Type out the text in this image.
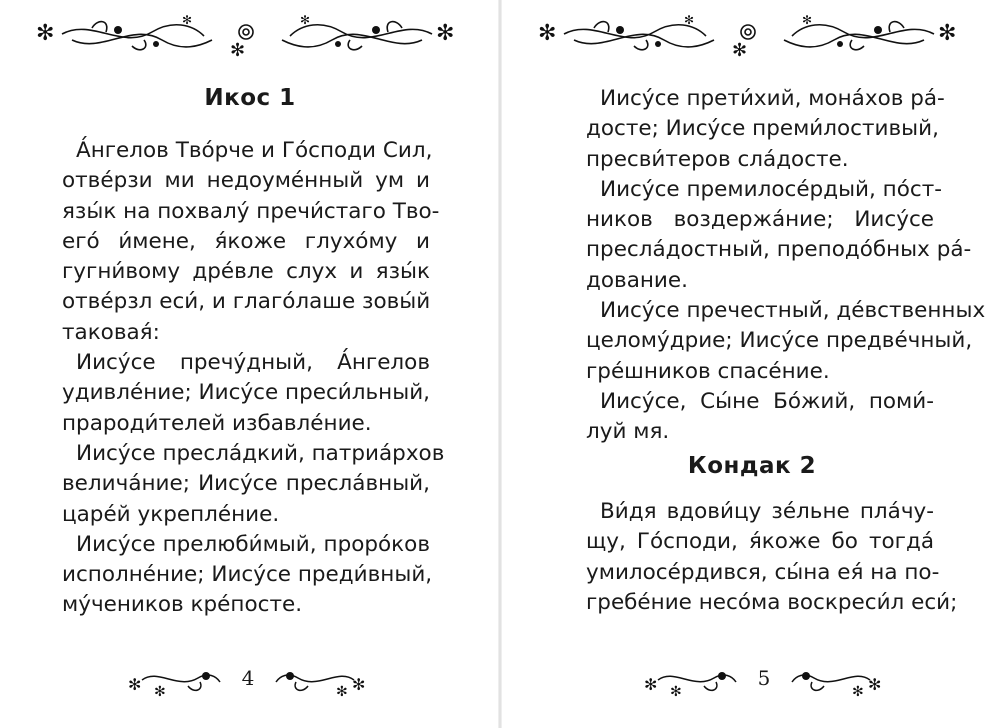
✻	✻
✻
✻	✻
Икос 1
А́нгелов Тво́рче и Го́споди Сил,
отве́рзи ми недоуме́нный ум и
язы́к на похвалу́ пречи́стаго Тво-
его́ и́мене, я́коже глухо́му и
гугни́вому дре́вле слух и язы́к
отве́рзл еси́, и глаго́лаше зовы́й
таковая́:
Иису́се пречу́дный, А́нгелов
удивле́ние; Иису́се преси́льный,
прароди́телей избавле́ние.
Иису́се пресла́дкий, патриа́рхов
велича́ние; Иису́се пресла́вный,
царе́й укрепле́ние.
Иису́се прелюби́мый, проро́ков
исполне́ние; Иису́се преди́вный,
му́чеников кре́посте.
✻ ✻	✻ ✻
4
✻	✻
✻
✻	✻
Иису́се прети́хий, мона́хов ра́-
досте; Иису́се преми́лостивый,
пресви́теров сла́досте.
Иису́се премилосе́рдый, по́ст-
ников воздержа́ние; Иису́се
пресла́достный, преподо́бных ра́-
дование.
Иису́се пречестный́, де́вственных
целому́дрие; Иису́се предве́чный,
гре́шников спасе́ние.
Иису́се, Сы́не Бо́жий, поми́-
луй мя.
Кондак 2
Ви́дя вдови́цу зе́льне пла́чу-
щу, Го́споди, я́коже бо тогда́
умилосе́рдився, сы́на ея́ на по-
гребе́ние несо́ма воскреси́л еси́;
✻ ✻	✻ ✻
5
